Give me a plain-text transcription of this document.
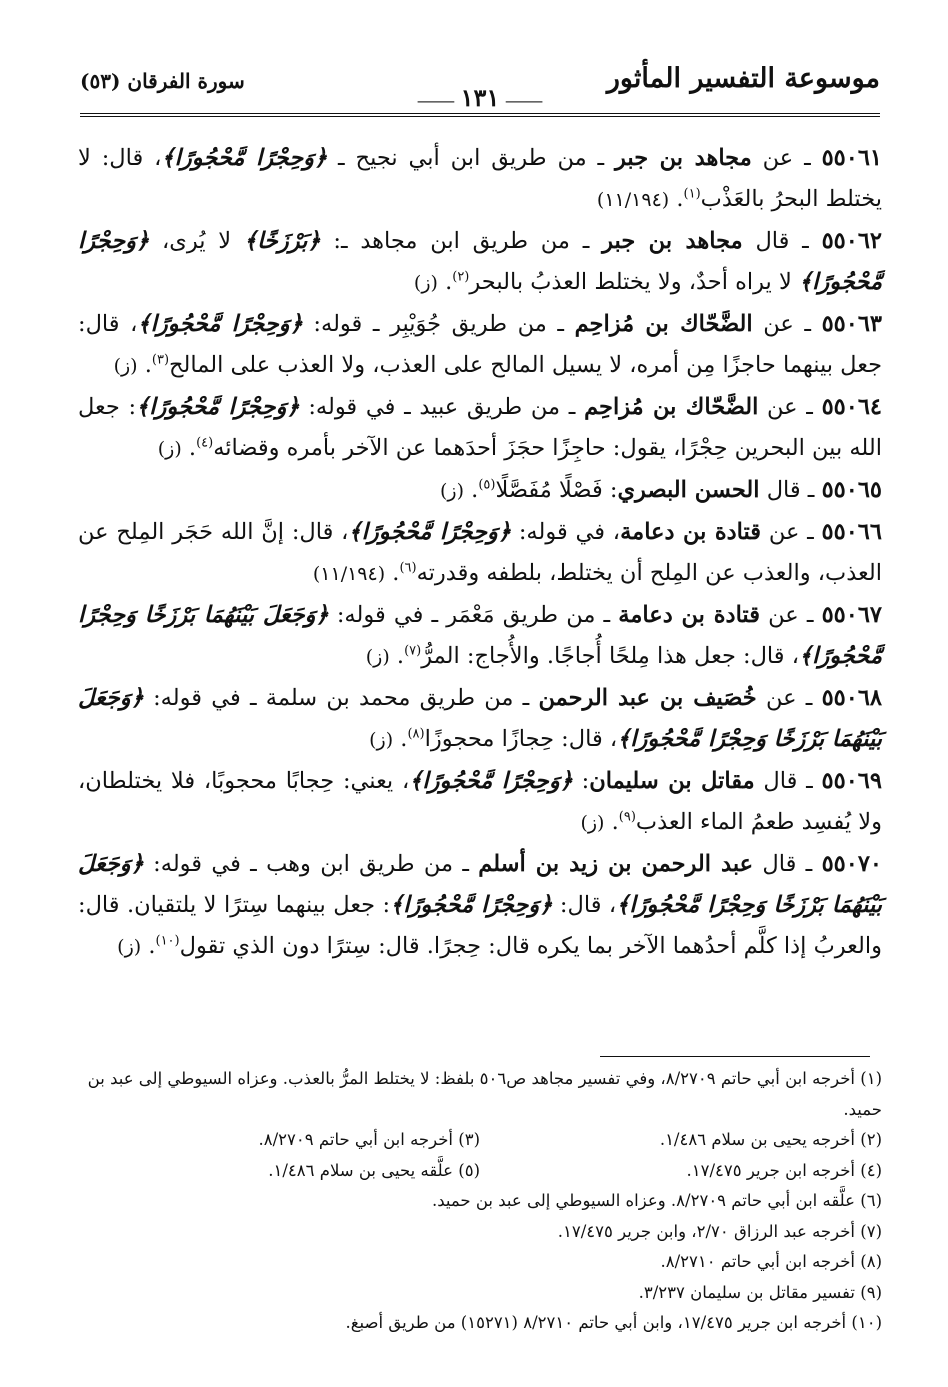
موسوعة التفسير المأثور
⸻١٣١⸻
سورة الفرقان (٥٣)

٥٥٠٦١ ـ عن مجاهد بن جبر ـ من طريق ابن أبي نجيح ـ ﴿وَحِجْرًا مَّحْجُورًا﴾، قال: لا يختلط البحرُ بالعَذْب$^{(١)}$. (١١/١٩٤)

٥٥٠٦٢ ـ قال مجاهد بن جبر ـ من طريق ابن مجاهد ـ: ﴿بَرْزَخًا﴾ لا يُرى، ﴿وَحِجْرًا مَّحْجُورًا﴾ لا يراه أحدٌ، ولا يختلط العذبُ بالبحر$^{(٢)}$. (ز)

٥٥٠٦٣ ـ عن الضَّحّاك بن مُزاحِم ـ من طريق جُوَيْبِر ـ قوله: ﴿وَحِجْرًا مَّحْجُورًا﴾، قال: جعل بينهما حاجزًا مِن أمره، لا يسيل المالح على العذب، ولا العذب على المالح$^{(٣)}$. (ز)

٥٥٠٦٤ ـ عن الضَّحّاك بن مُزاحِم ـ من طريق عبيد ـ في قوله: ﴿وَحِجْرًا مَّحْجُورًا﴾: جعل الله بين البحرين حِجْرًا، يقول: حاجِزًا حجَزَ أحدَهما عن الآخر بأمره وقضائه$^{(٤)}$. (ز)

٥٥٠٦٥ ـ قال الحسن البصري: فَصْلًا مُفَصَّلًا$^{(٥)}$. (ز)

٥٥٠٦٦ ـ عن قتادة بن دعامة، في قوله: ﴿وَحِجْرًا مَّحْجُورًا﴾، قال: إنَّ الله حَجَر المِلح عن العذب، والعذب عن المِلح أن يختلط، بلطفه وقدرته$^{(٦)}$. (١١/١٩٤)

٥٥٠٦٧ ـ عن قتادة بن دعامة ـ من طريق مَعْمَر ـ في قوله: ﴿وَجَعَلَ بَيْنَهُمَا بَرْزَخًا وَحِجْرًا مَّحْجُورًا﴾، قال: جعل هذا مِلحًا أُجاجًا. والأُجاج: المرُّ$^{(٧)}$. (ز)

٥٥٠٦٨ ـ عن خُصَيف بن عبد الرحمن ـ من طريق محمد بن سلمة ـ في قوله: ﴿وَجَعَلَ بَيْنَهُمَا بَرْزَخًا وَحِجْرًا مَّحْجُورًا﴾، قال: حِجازًا محجوزًا$^{(٨)}$. (ز)

٥٥٠٦٩ ـ قال مقاتل بن سليمان: ﴿وَحِجْرًا مَّحْجُورًا﴾، يعني: حِجابًا محجوبًا، فلا يختلطان، ولا يُفسِد طعمُ الماء العذب$^{(٩)}$. (ز)

٥٥٠٧٠ ـ قال عبد الرحمن بن زيد بن أسلم ـ من طريق ابن وهب ـ في قوله: ﴿وَجَعَلَ بَيْنَهُمَا بَرْزَخًا وَحِجْرًا مَّحْجُورًا﴾، قال: ﴿وَحِجْرًا مَّحْجُورًا﴾: جعل بينهما سِترًا لا يلتقيان. قال: والعربُ إذا كلَّم أحدُهما الآخر بما يكره قال: حِجرًا. قال: سِترًا دون الذي تقول$^{(١٠)}$. (ز)

(١) أخرجه ابن أبي حاتم ٨/٢٧٠٩، وفي تفسير مجاهد ص٥٠٦ بلفظ: لا يختلط المرُّ بالعذب. وعزاه السيوطي إلى عبد بن حميد.

(٢) أخرجه يحيى بن سلام ١/٤٨٦.

(٣) أخرجه ابن أبي حاتم ٨/٢٧٠٩.

(٤) أخرجه ابن جرير ١٧/٤٧٥.

(٥) علَّقه يحيى بن سلام ١/٤٨٦.

(٦) علَّقه ابن أبي حاتم ٨/٢٧٠٩. وعزاه السيوطي إلى عبد بن حميد.

(٧) أخرجه عبد الرزاق ٢/٧٠، وابن جرير ١٧/٤٧٥.

(٨) أخرجه ابن أبي حاتم ٨/٢٧١٠.

(٩) تفسير مقاتل بن سليمان ٣/٢٣٧.

(١٠) أخرجه ابن جرير ١٧/٤٧٥، وابن أبي حاتم ٨/٢٧١٠ (١٥٢٧١) من طريق أصبغ.
